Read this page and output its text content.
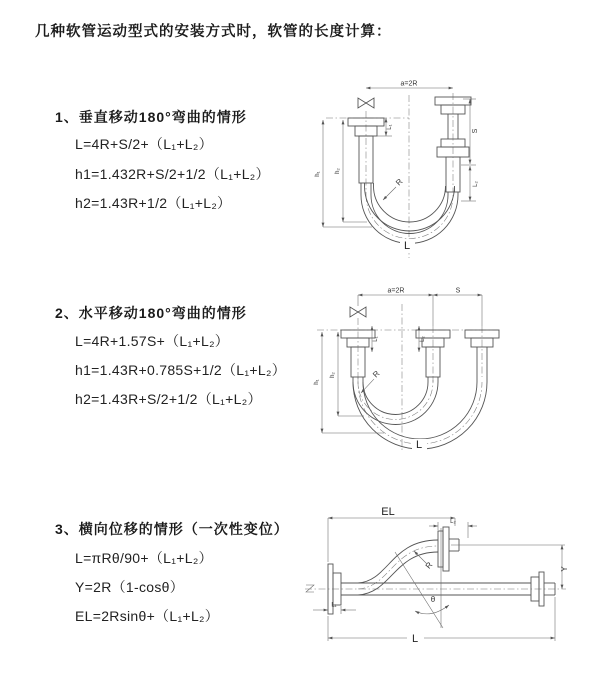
几种软管运动型式的安装方式时，软管的长度计算：
1、垂直移动180°弯曲的情形
L=4R+S/2+（L₁+L₂）
h1=1.432R+S/2+1/2（L₁+L₂）
h2=1.43R+1/2（L₁+L₂）
2、水平移动180°弯曲的情形
L=4R+1.57S+（L₁+L₂）
h1=1.43R+0.785S+1/2（L₁+L₂）
h2=1.43R+S/2+1/2（L₁+L₂）
3、横向位移的情形（一次性变位）
L=πRθ/90+（L₁+L₂）
Y=2R（1-cosθ）
EL=2Rsinθ+（L₁+L₂）
a=2R
S
L₂
L₁
h₁
h₂
R
L
a=2R	S
L₁	L₂
h₁
h₂	R
L
EL
L₂
Y
R
θ
L₁
L
